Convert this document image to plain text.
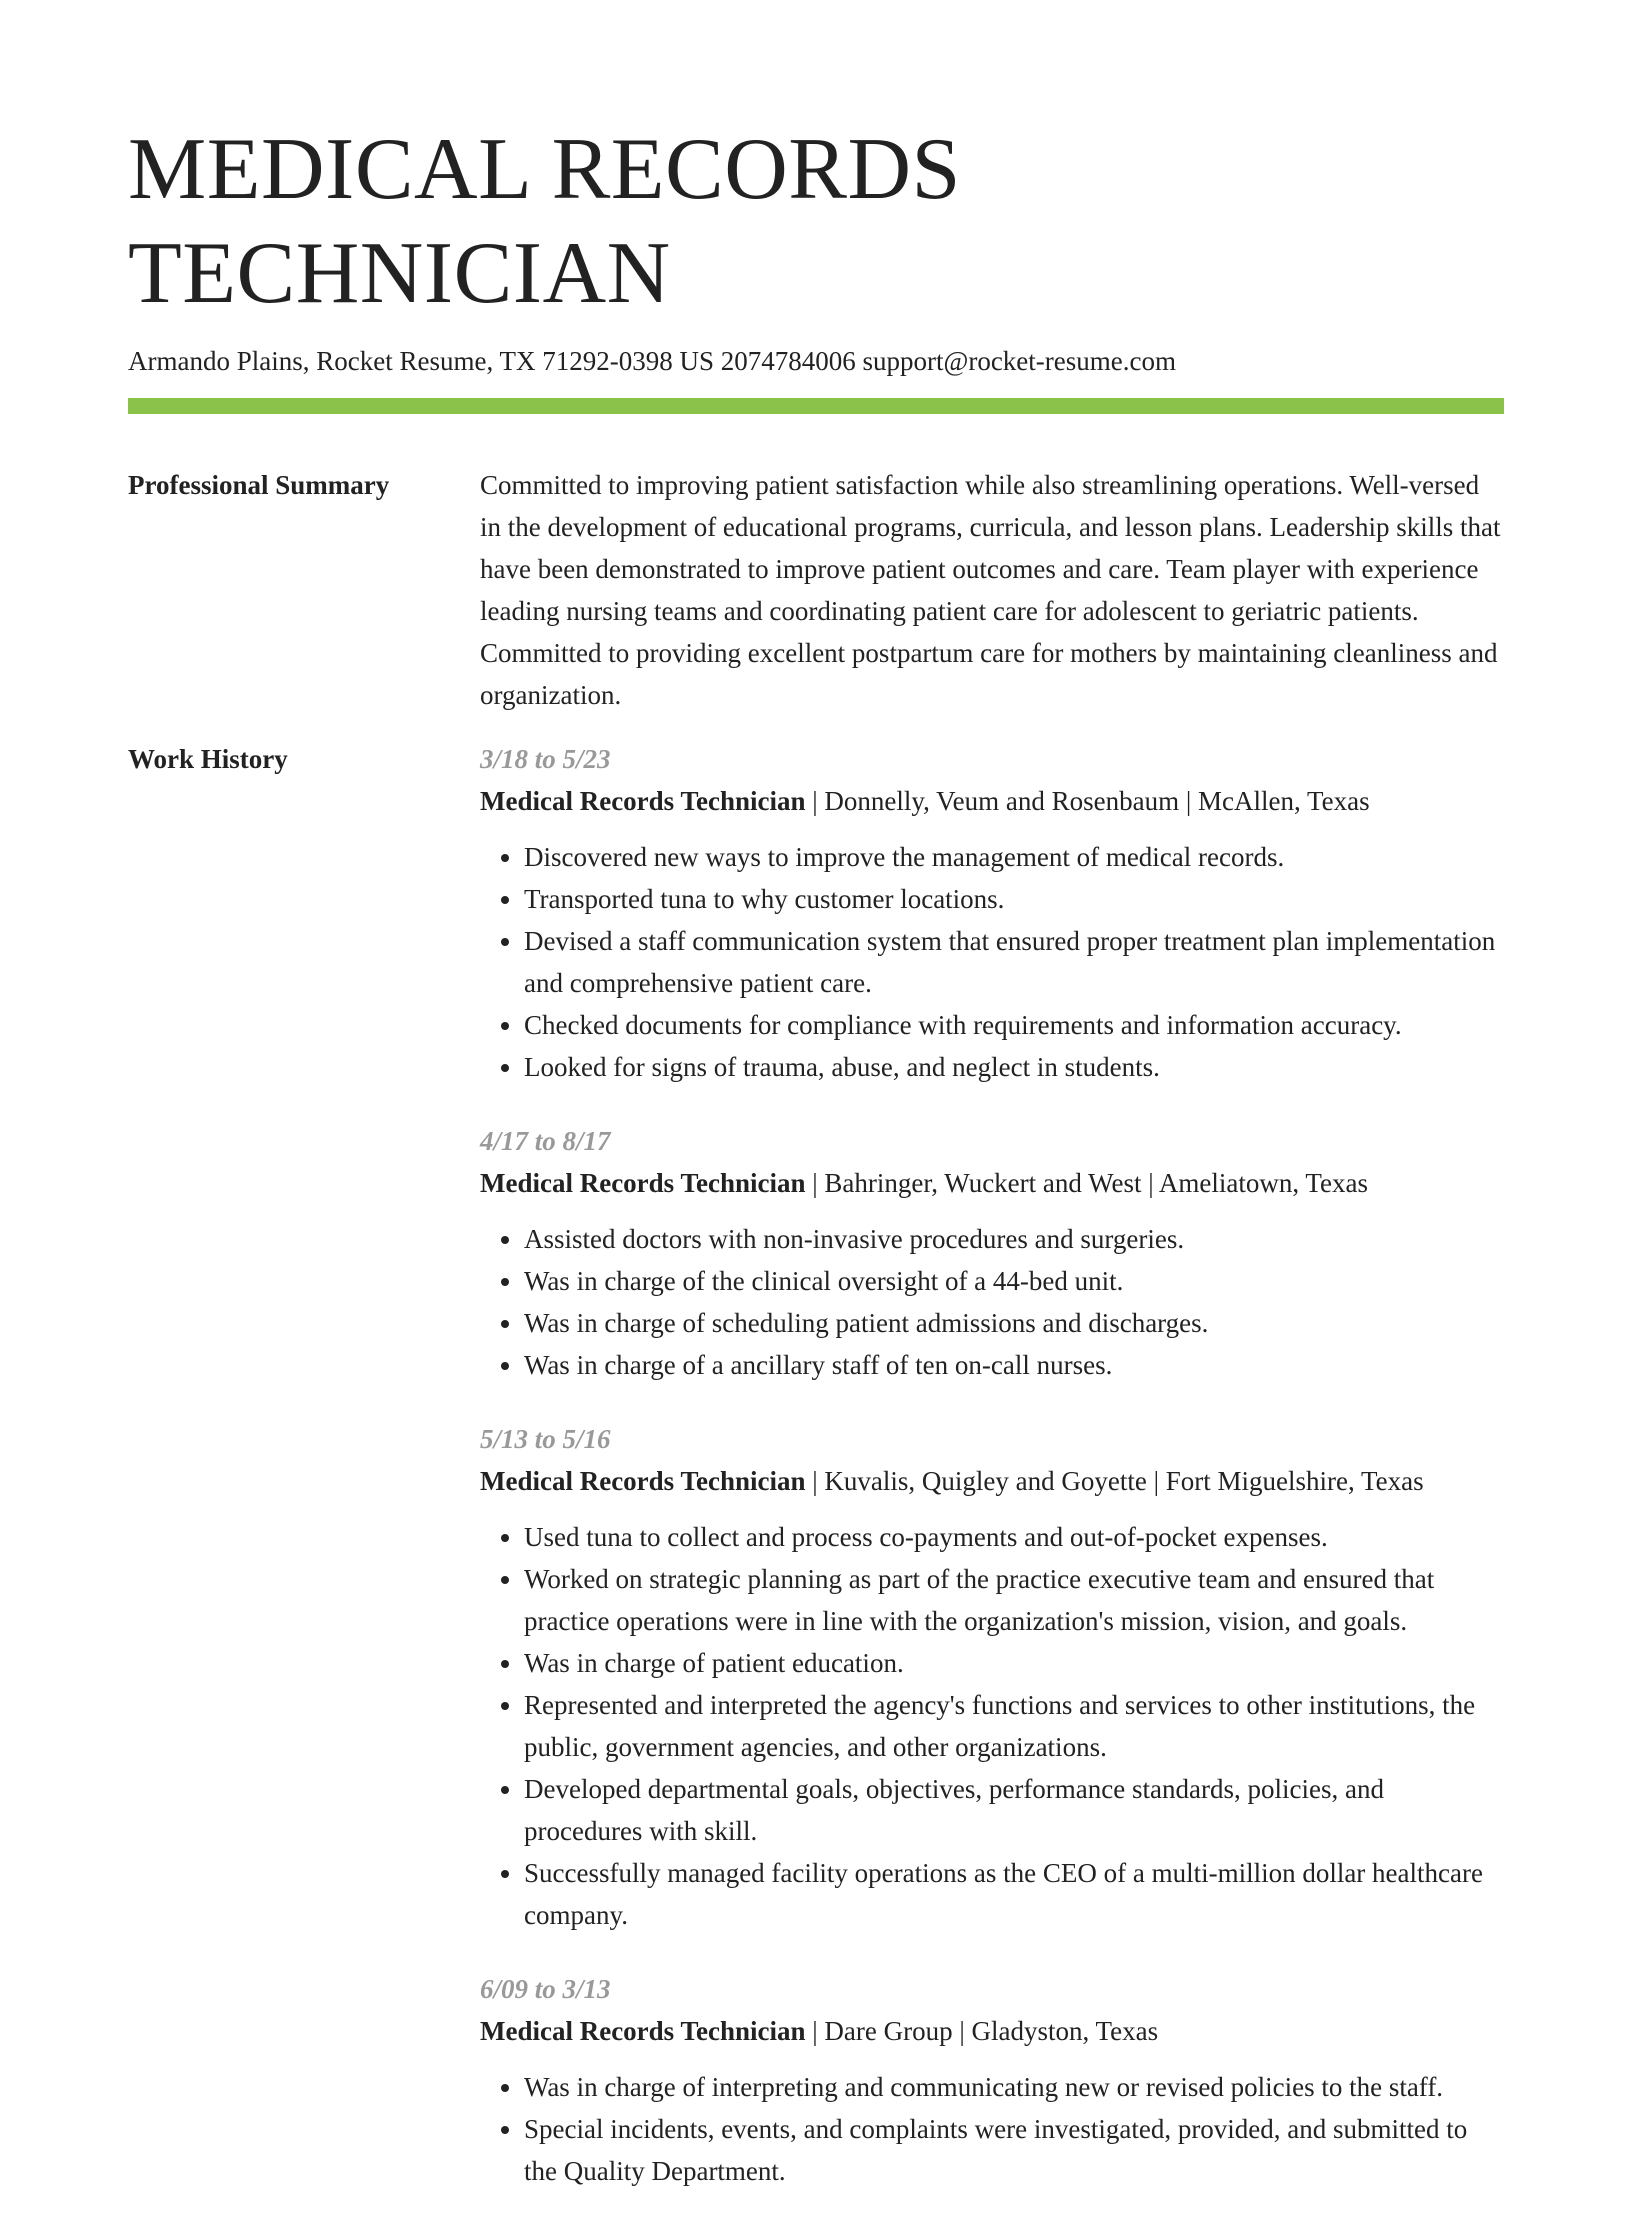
MEDICAL RECORDS TECHNICIAN
Armando Plains, Rocket Resume, TX 71292-0398 US 2074784006 support@rocket-resume.com
Professional Summary	Committed to improving patient satisfaction while also streamlining operations. Well-versed in the development of educational programs, curricula, and lesson plans. Leadership skills that have been demonstrated to improve patient outcomes and care. Team player with experience leading nursing teams and coordinating patient care for adolescent to geriatric patients. Committed to providing excellent postpartum care for mothers by maintaining cleanliness and organization.

Work History	3/18 to 5/23
Medical Records Technician | Donnelly, Veum and Rosenbaum | McAllen, Texas
• Discovered new ways to improve the management of medical records.
• Transported tuna to why customer locations.
• Devised a staff communication system that ensured proper treatment plan implementation and comprehensive patient care.
• Checked documents for compliance with requirements and information accuracy.
• Looked for signs of trauma, abuse, and neglect in students.
4/17 to 8/17
Medical Records Technician | Bahringer, Wuckert and West | Ameliatown, Texas
• Assisted doctors with non-invasive procedures and surgeries.
• Was in charge of the clinical oversight of a 44-bed unit.
• Was in charge of scheduling patient admissions and discharges.
• Was in charge of a ancillary staff of ten on-call nurses.
5/13 to 5/16
Medical Records Technician | Kuvalis, Quigley and Goyette | Fort Miguelshire, Texas
• Used tuna to collect and process co-payments and out-of-pocket expenses.
• Worked on strategic planning as part of the practice executive team and ensured that practice operations were in line with the organization's mission, vision, and goals.
• Was in charge of patient education.
• Represented and interpreted the agency's functions and services to other institutions, the public, government agencies, and other organizations.
• Developed departmental goals, objectives, performance standards, policies, and procedures with skill.
• Successfully managed facility operations as the CEO of a multi-million dollar healthcare company.
6/09 to 3/13
Medical Records Technician | Dare Group | Gladyston, Texas
• Was in charge of interpreting and communicating new or revised policies to the staff.
• Special incidents, events, and complaints were investigated, provided, and submitted to the Quality Department.
